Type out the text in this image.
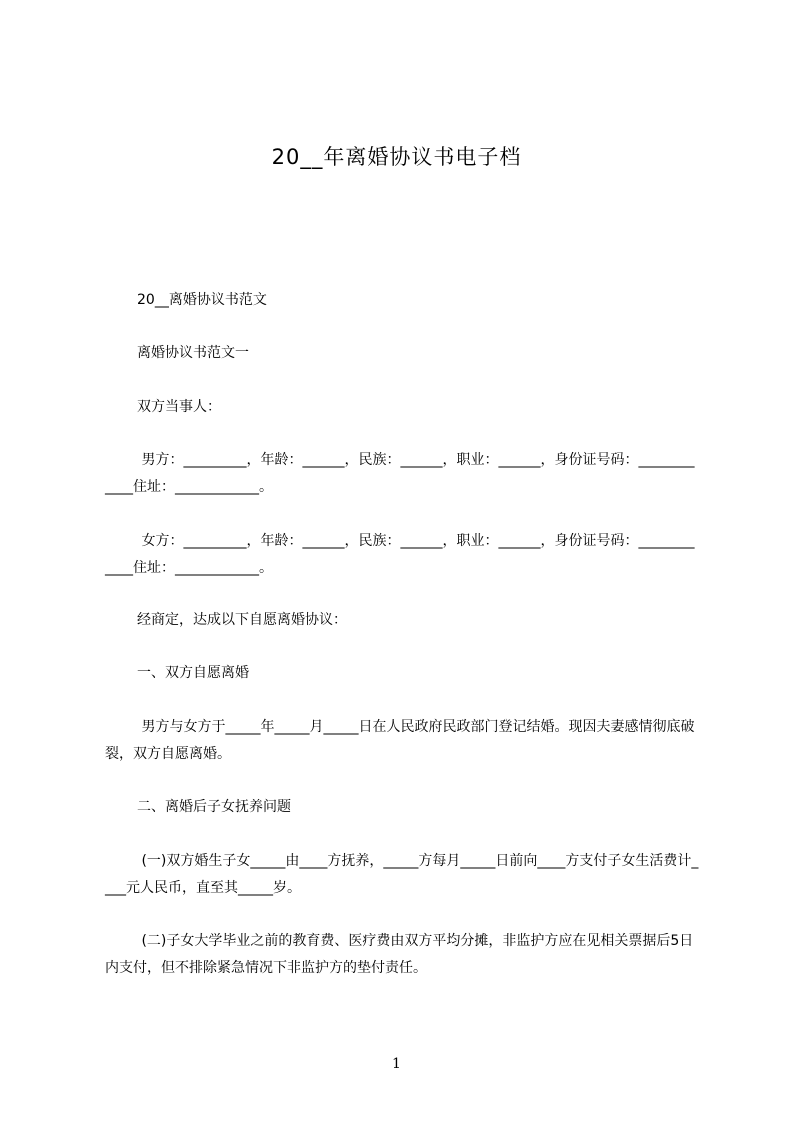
20__年离婚协议书电子档
20__离婚协议书范文
离婚协议书范文一
双方当事人：
男方：_________，年龄：______，民族：______，职业：______，身份证号码：____________住址：____________。
女方：_________，年龄：______，民族：______，职业：______，身份证号码：____________住址：____________。
经商定，达成以下自愿离婚协议：
一、双方自愿离婚
男方与女方于_____年_____月_____日在人民政府民政部门登记结婚。现因夫妻感情彻底破裂，双方自愿离婚。
二、离婚后子女抚养问题
(一)双方婚生子女_____由____方抚养，_____方每月_____日前向____方支付子女生活费计____元人民币，直至其_____岁。
(二)子女大学毕业之前的教育费、医疗费由双方平均分摊，非监护方应在见相关票据后5日内支付，但不排除紧急情况下非监护方的垫付责任。
1
